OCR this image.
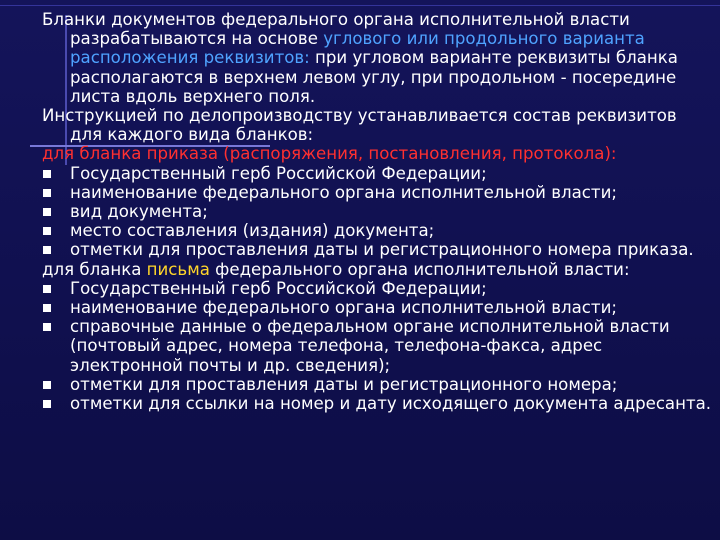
Бланки документов федерального органа исполнительной власти разрабатываются на основе углового или продольного варианта расположения реквизитов: при угловом варианте реквизиты бланка располагаются в верхнем левом углу, при продольном - посередине листа вдоль верхнего поля.

Инструкцией по делопроизводству устанавливается состав реквизитов для каждого вида бланков:

для бланка приказа (распоряжения, постановления, протокола):

Государственный герб Российской Федерации;
наименование федерального органа исполнительной власти;
вид документа;
место составления (издания) документа;
отметки для проставления даты и регистрационного номера приказа.

для бланка письма федерального органа исполнительной власти:

Государственный герб Российской Федерации;
наименование федерального органа исполнительной власти;
справочные данные о федеральном органе исполнительной власти (почтовый адрес, номера телефона, телефона-факса, адрес электронной почты и др. сведения);
отметки для проставления даты и регистрационного номера;
отметки для ссылки на номер и дату исходящего документа адресанта.
